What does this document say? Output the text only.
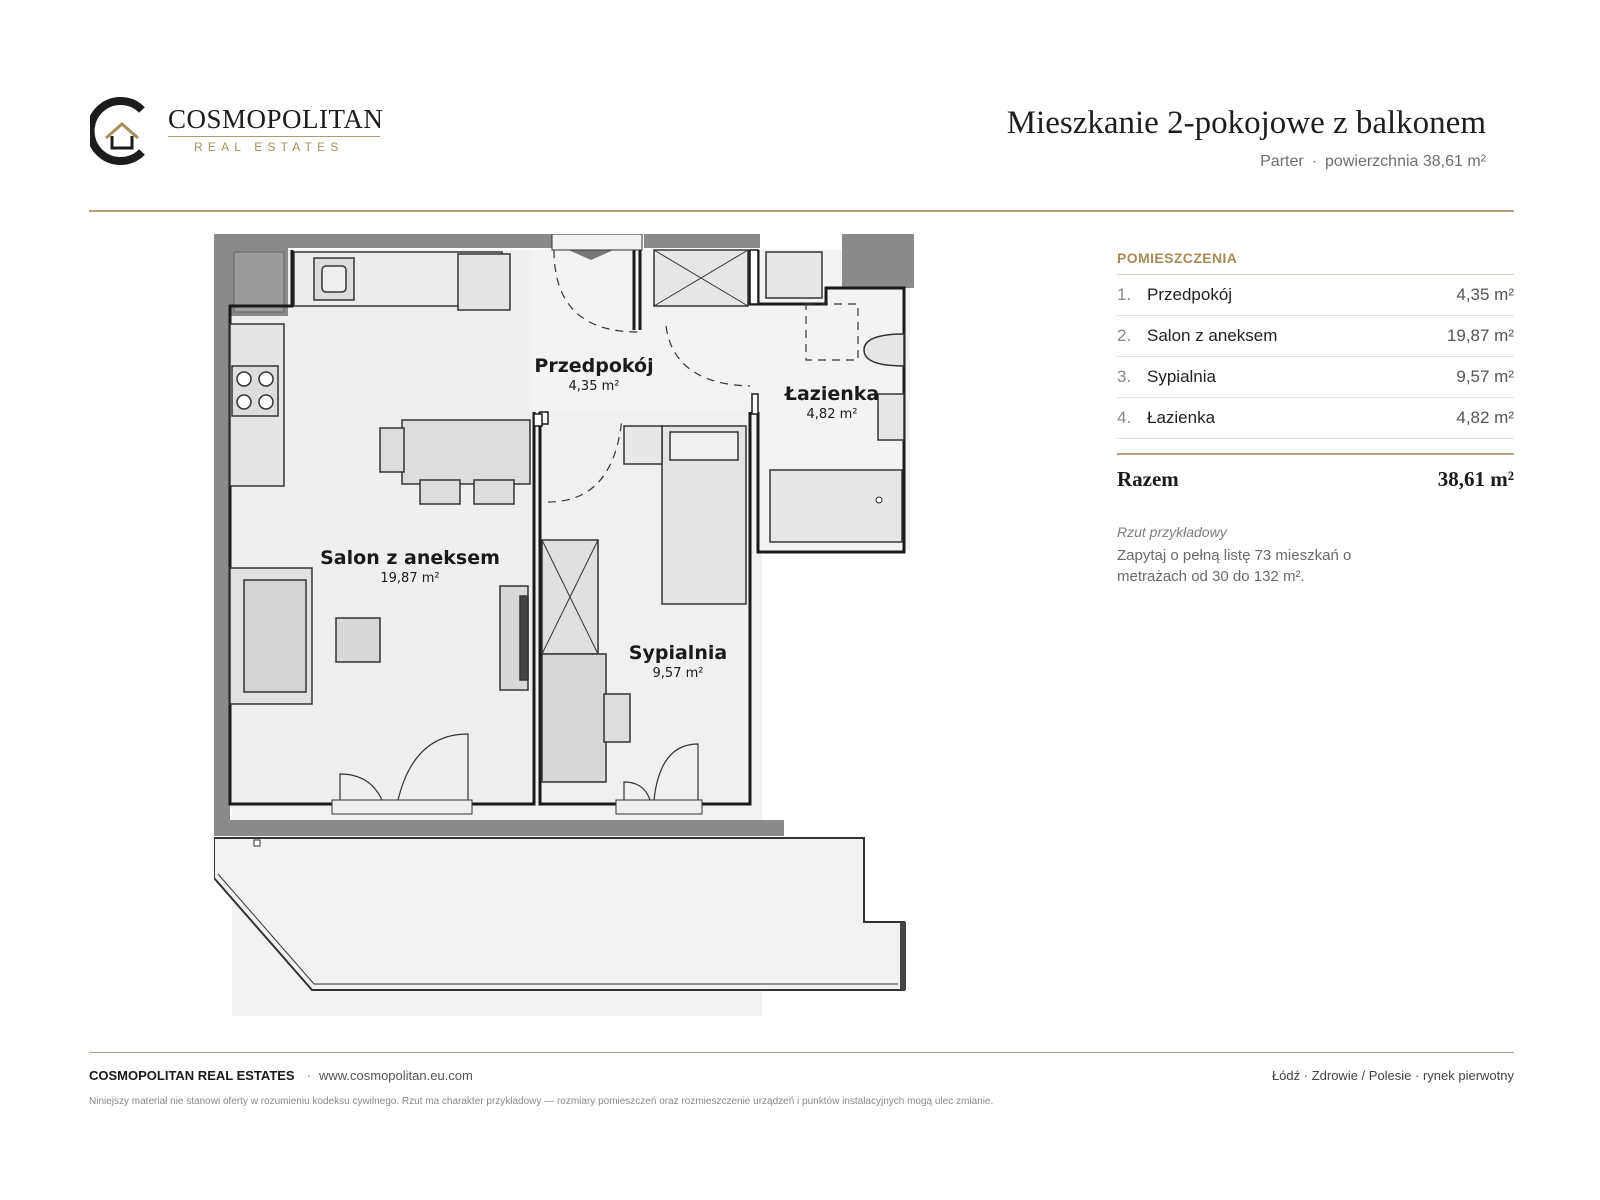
COSMOPOLITAN
REAL ESTATES
Mieszkanie 2-pokojowe z balkonem
Parter · powierzchnia 38,61 m²
Przedpokój
4,35 m²
Salon z aneksem
19,87 m²
Sypialnia
9,57 m²
Łazienka
4,82 m²
POMIESZCZENIA
1. Przedpokój	4,35 m²
2. Salon z aneksem	19,87 m²
3. Sypialnia	9,57 m²
4. Łazienka	4,82 m²
Razem	38,61 m²
Rzut przykładowy
Zapytaj o pełną listę 73 mieszkań o metrażach od 30 do 132 m².
COSMOPOLITAN REAL ESTATES · www.cosmopolitan.eu.com	Łódź · Zdrowie / Polesie · rynek pierwotny
Niniejszy materiał nie stanowi oferty w rozumieniu kodeksu cywilnego. Rzut ma charakter przykładowy — rozmiary pomieszczeń oraz rozmieszczenie urządzeń i punktów instalacyjnych mogą ulec zmianie.
